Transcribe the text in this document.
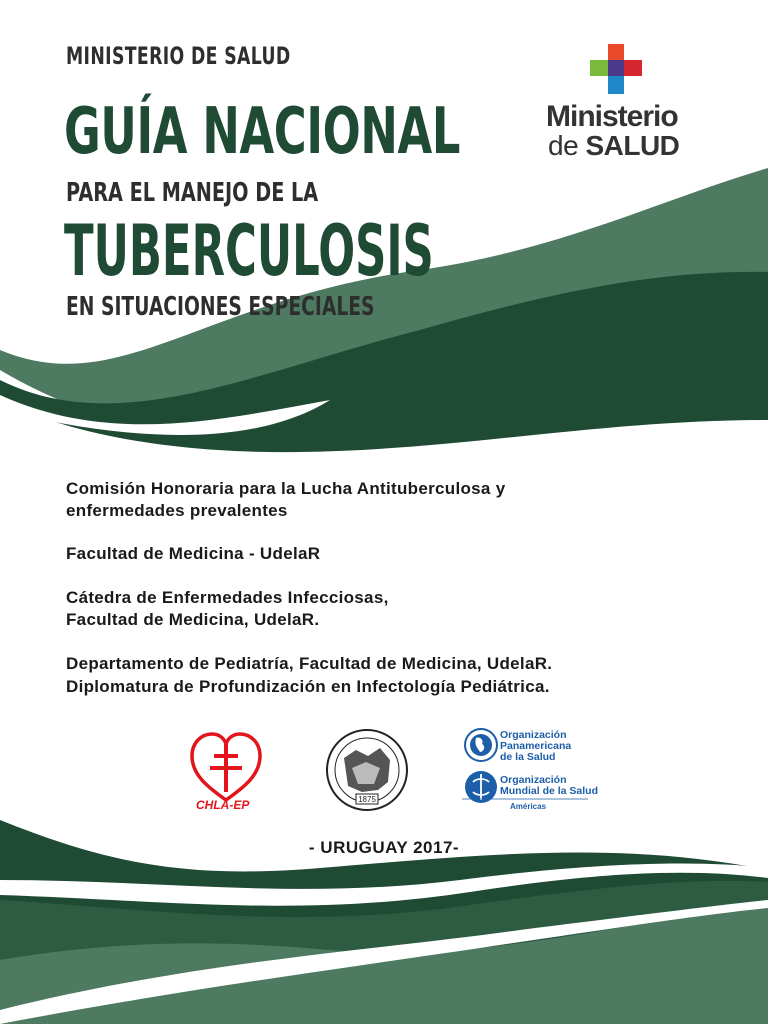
MINISTERIO DE SALUD
GUÍA NACIONAL
PARA EL MANEJO DE LA
TUBERCULOSIS
EN SITUACIONES ESPECIALES
Ministerio
de SALUD
Comisión Honoraria para la Lucha Antituberculosa y
enfermedades prevalentes
Facultad de Medicina - UdelaR
Cátedra de Enfermedades Infecciosas,
Facultad de Medicina, UdelaR.
Departamento de Pediatría, Facultad de Medicina, UdelaR.
Diplomatura de Profundización en Infectología Pediátrica.
CHLA-EP	1875
Organización
Panamericana
de la Salud
Organización
Mundial de la Salud
Américas
- URUGUAY 2017-
